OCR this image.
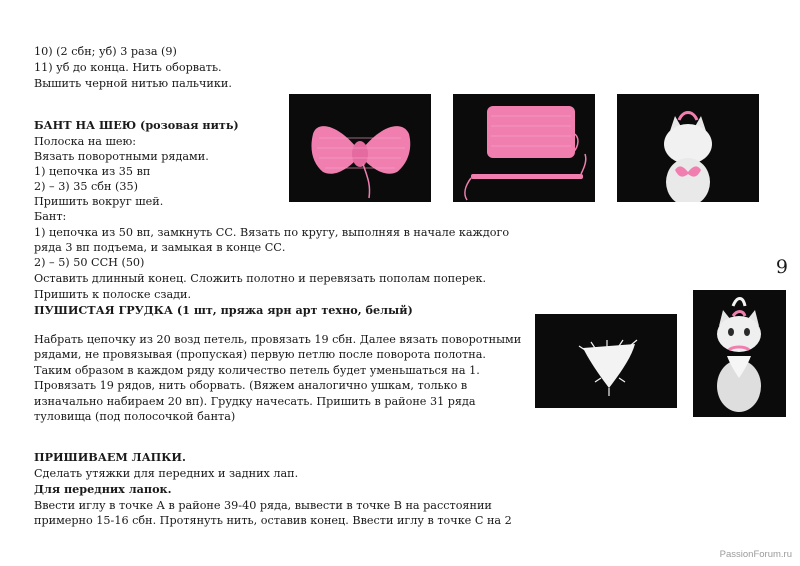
10) (2 сбн; уб) 3 раза (9)

11) уб до конца. Нить оборвать.

Вышить черной нитью пальчики.

БАНТ НА ШЕЮ (розовая нить)

Полоска на шею:

Вязать поворотными рядами.

1) цепочка из 35 вп

2) – 3) 35 сбн (35)

Пришить вокруг шей.

Бант:

1) цепочка из 50 вп, замкнуть СС. Вязать по кругу, выполняя в начале каждого

ряда 3 вп подъема, и замыкая в конце СС.

2) – 5) 50 ССН (50)

Оставить длинный конец. Сложить полотно и перевязать пополам поперек.

Пришить к полоске сзади.

ПУШИСТАЯ ГРУДКА (1 шт, пряжа ярн арт техно, белый)

Набрать цепочку из 20 возд петель, провязать 19 сбн. Далее вязать поворотными рядами, не провязывая (пропуская) первую петлю после поворота полотна. Таким образом в каждом ряду количество петель будет уменьшаться на 1. Провязать 19 рядов, нить оборвать. (Вяжем аналогично ушкам, только в изначально набираем 20 вп). Грудку начесать. Пришить в районе 31 ряда туловища (под полосочкой банта)

ПРИШИВАЕМ ЛАПКИ.

Сделать утяжки для передних и задних лап.

Для передних лапок.

Ввести иглу в точке А в районе 39-40 ряда, вывести в точке В на расстоянии

примерно 15-16 сбн. Протянуть нить, оставив конец. Ввести иглу в точке С на 2

9
PassionForum.ru
